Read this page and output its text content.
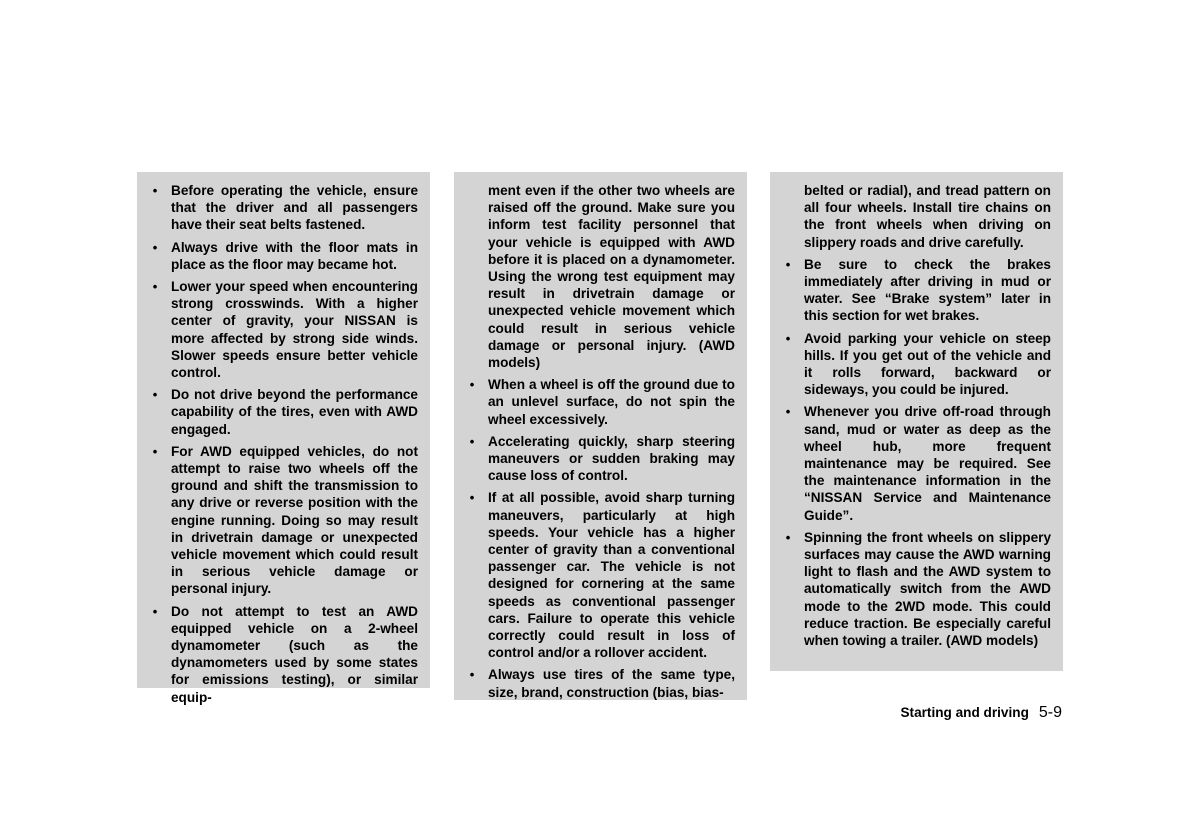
• Before operating the vehicle, ensure that the driver and all passengers have their seat belts fastened.
• Always drive with the floor mats in place as the floor may became hot.
• Lower your speed when encountering strong crosswinds. With a higher center of gravity, your NISSAN is more affected by strong side winds. Slower speeds ensure better vehicle control.
• Do not drive beyond the performance capability of the tires, even with AWD engaged.
• For AWD equipped vehicles, do not attempt to raise two wheels off the ground and shift the transmission to any drive or reverse position with the engine running. Doing so may result in drivetrain damage or unexpected vehicle movement which could result in serious vehicle damage or personal injury.
• Do not attempt to test an AWD equipped vehicle on a 2-wheel dynamometer (such as the dynamometers used by some states for emissions testing), or similar equip-
ment even if the other two wheels are raised off the ground. Make sure you inform test facility personnel that your vehicle is equipped with AWD before it is placed on a dynamometer. Using the wrong test equipment may result in drivetrain damage or unexpected vehicle movement which could result in serious vehicle damage or personal injury. (AWD models)
• When a wheel is off the ground due to an unlevel surface, do not spin the wheel excessively.
• Accelerating quickly, sharp steering maneuvers or sudden braking may cause loss of control.
• If at all possible, avoid sharp turning maneuvers, particularly at high speeds. Your vehicle has a higher center of gravity than a conventional passenger car. The vehicle is not designed for cornering at the same speeds as conventional passenger cars. Failure to operate this vehicle correctly could result in loss of control and/or a rollover accident.
• Always use tires of the same type, size, brand, construction (bias, bias-
belted or radial), and tread pattern on all four wheels. Install tire chains on the front wheels when driving on slippery roads and drive carefully.
• Be sure to check the brakes immediately after driving in mud or water. See “Brake system” later in this section for wet brakes.
• Avoid parking your vehicle on steep hills. If you get out of the vehicle and it rolls forward, backward or sideways, you could be injured.
• Whenever you drive off-road through sand, mud or water as deep as the wheel hub, more frequent maintenance may be required. See the maintenance information in the “NISSAN Service and Maintenance Guide”.
• Spinning the front wheels on slippery surfaces may cause the AWD warning light to flash and the AWD system to automatically switch from the AWD mode to the 2WD mode. This could reduce traction. Be especially careful when towing a trailer. (AWD models)
Starting and driving 5-9
